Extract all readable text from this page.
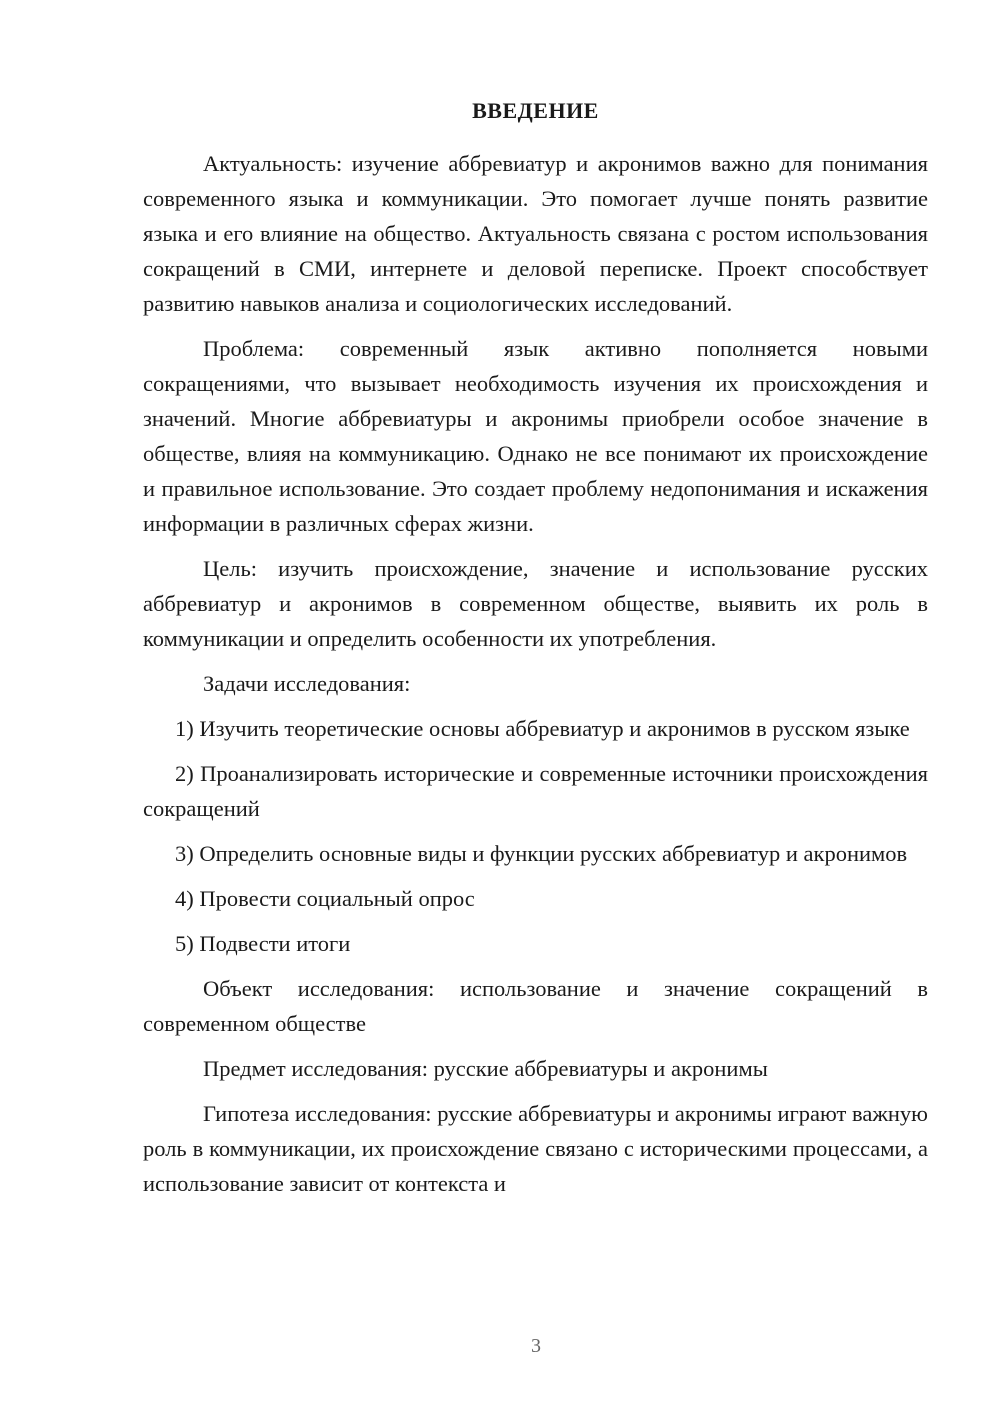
ВВЕДЕНИЕ

Актуальность: изучение аббревиатур и акронимов важно для понимания современного языка и коммуникации. Это помогает лучше понять развитие языка и его влияние на общество. Актуальность связана с ростом использования сокращений в СМИ, интернете и деловой переписке. Проект способствует развитию навыков анализа и социологических исследований.

Проблема: современный язык активно пополняется новыми сокращениями, что вызывает необходимость изучения их происхождения и значений. Многие аббревиатуры и акронимы приобрели особое значение в обществе, влияя на коммуникацию. Однако не все понимают их происхождение и правильное использование. Это создает проблему недопонимания и искажения информации в различных сферах жизни.

Цель: изучить происхождение, значение и использование русских аббревиатур и акронимов в современном обществе, выявить их роль в коммуникации и определить особенности их употребления.

Задачи исследования:

1) Изучить теоретические основы аббревиатур и акронимов в русском языке

2) Проанализировать исторические и современные источники происхождения сокращений

3) Определить основные виды и функции русских аббревиатур и акронимов

4) Провести социальный опрос

5) Подвести итоги

Объект исследования: использование и значение сокращений в современном обществе

Предмет исследования: русские аббревиатуры и акронимы

Гипотеза исследования: русские аббревиатуры и акронимы играют важную роль в коммуникации, их происхождение связано с историческими процессами, а использование зависит от контекста и

3
